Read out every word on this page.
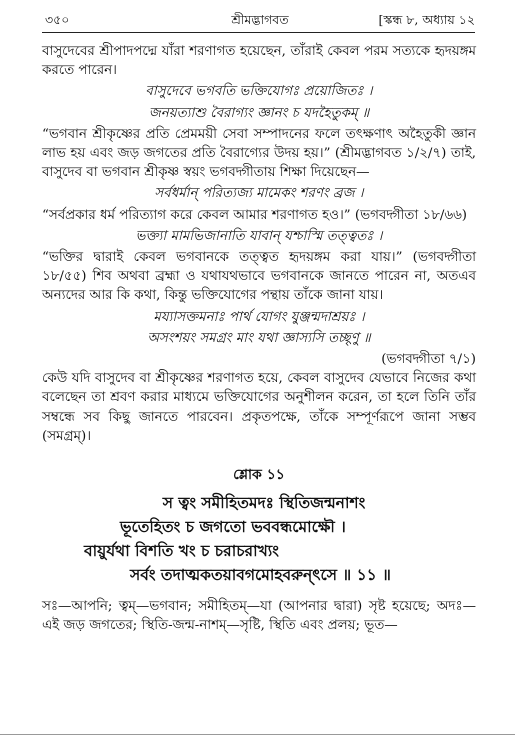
৩৫০	শ্রীমদ্ভাগবত	[স্কন্ধ ৮, অধ্যায় ১২

বাসুদেবের শ্রীপাদপদ্মে যাঁরা শরণাগত হয়েছেন, তাঁরাই কেবল পরম সত্যকে হৃদয়ঙ্গম করতে পারেন।

বাসুদেবে ভগবতি ভক্তিযোগঃ প্রয়োজিতঃ ।

জনয়ত্যাশু বৈরাগ্যং জ্ঞানং চ যদহৈতুকম্ ॥

“ভগবান শ্রীকৃষ্ণের প্রতি প্রেমময়ী সেবা সম্পাদনের ফলে তৎক্ষণাৎ অহৈতুকী জ্ঞান লাভ হয় এবং জড় জগতের প্রতি বৈরাগ্যের উদয় হয়।” (শ্রীমদ্ভাগবত ১/২/৭) তাই, বাসুদেব বা ভগবান শ্রীকৃষ্ণ স্বয়ং ভগবদ্গীতায় শিক্ষা দিয়েছেন—

সর্বধর্মান্ পরিত্যজ্য মামেকং শরণং ব্রজ ।

“সর্বপ্রকার ধর্ম পরিত্যাগ করে কেবল আমার শরণাগত হও।” (ভগবদ্গীতা ১৮/৬৬)

ভক্ত্যা মামভিজানাতি যাবান্ যশ্চাস্মি তত্ত্বতঃ ।

“ভক্তির দ্বারাই কেবল ভগবানকে তত্ত্বত হৃদয়ঙ্গম করা যায়।” (ভগবদ্গীতা ১৮/৫৫) শিব অথবা ব্রহ্মা ও যথাযথভাবে ভগবানকে জানতে পারেন না, অতএব অন্যদের আর কি কথা, কিন্তু ভক্তিযোগের পন্থায় তাঁকে জানা যায়।

ময্যাসক্তমনাঃ পার্থ যোগং যুঞ্জন্মদাশ্রয়ঃ ।

অসংশয়ং সমগ্রং মাং যথা জ্ঞাস্যসি তচ্ছৃণু ॥

(ভগবদ্গীতা ৭/১)

কেউ যদি বাসুদেব বা শ্রীকৃষ্ণের শরণাগত হয়ে, কেবল বাসুদেব যেভাবে নিজের কথা বলেছেন তা শ্রবণ করার মাধ্যমে ভক্তিযোগের অনুশীলন করেন, তা হলে তিনি তাঁর সম্বন্ধে সব কিছু জানতে পারবেন। প্রকৃতপক্ষে, তাঁকে সম্পূর্ণরূপে জানা সম্ভব (সমগ্রম্)।

শ্লোক ১১

স ত্বং সমীহিতমদঃ স্থিতিজন্মনাশং

ভূতেহিতং চ জগতো ভববন্ধমোক্ষৌ ।

বায়ুর্যথা বিশতি খং চ চরাচরাখ্যং

সর্বং তদাত্মকতয়াবগমোহবরুন্ৎসে ॥ ১১ ॥

সঃ—আপনি; ত্বম্—ভগবান; সমীহিতম্—যা (আপনার দ্বারা) সৃষ্ট হয়েছে; অদঃ—এই জড় জগতের; স্থিতি-জন্ম-নাশম্—সৃষ্টি, স্থিতি এবং প্রলয়; ভূত—
